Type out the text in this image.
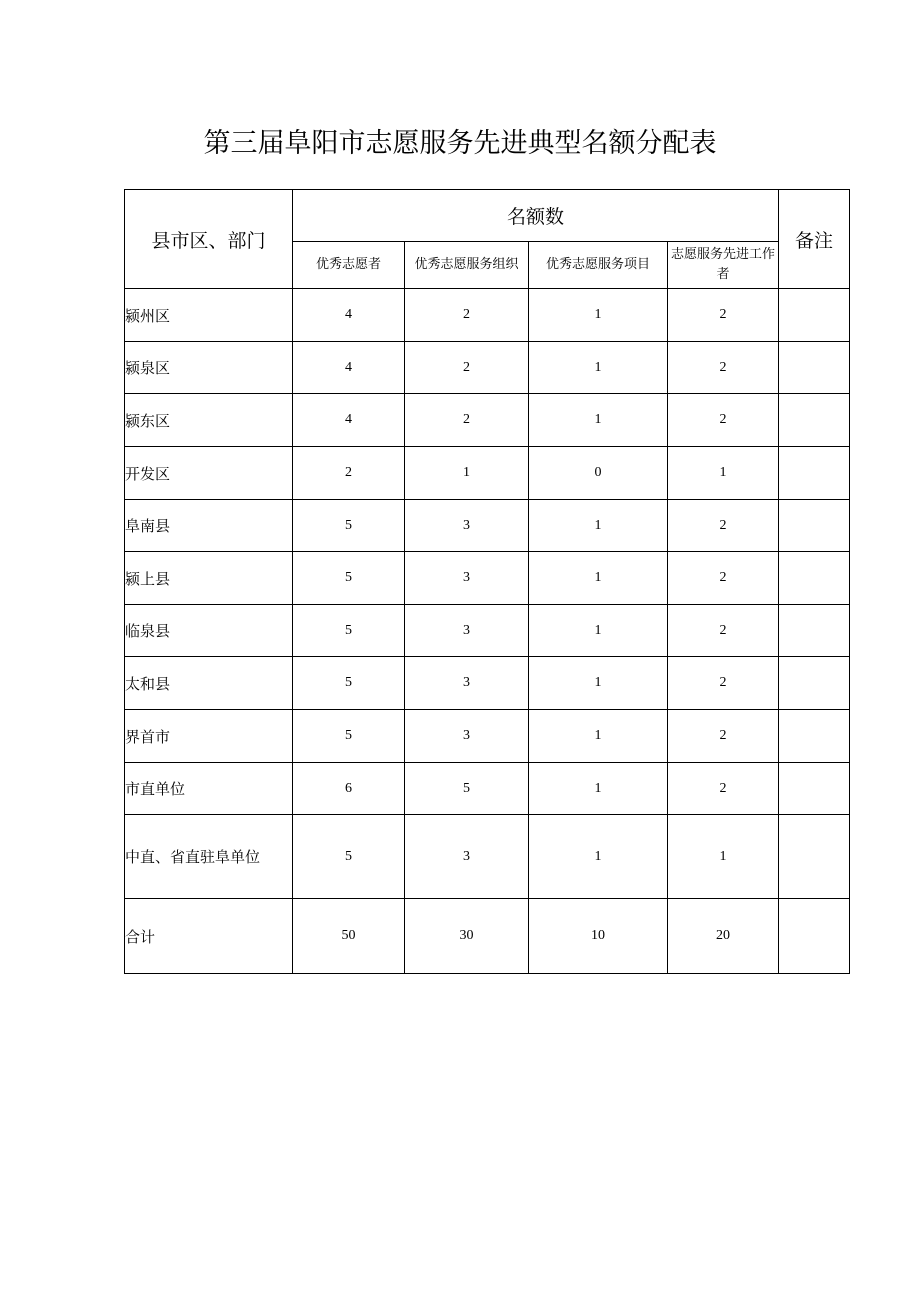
第三届阜阳市志愿服务先进典型名额分配表
县市区、部门	名额数				备注
	优秀志愿者	优秀志愿服务组织	优秀志愿服务项目	志愿服务先进工作者	
颍州区	4	2	1	2	
颍泉区	4	2	1	2	
颍东区	4	2	1	2	
开发区	2	1	0	1	
阜南县	5	3	1	2	
颍上县	5	3	1	2	
临泉县	5	3	1	2	
太和县	5	3	1	2	
界首市	5	3	1	2	
市直单位	6	5	1	2	
中直、省直驻阜单位	5	3	1	1	
合计	50	30	10	20	
